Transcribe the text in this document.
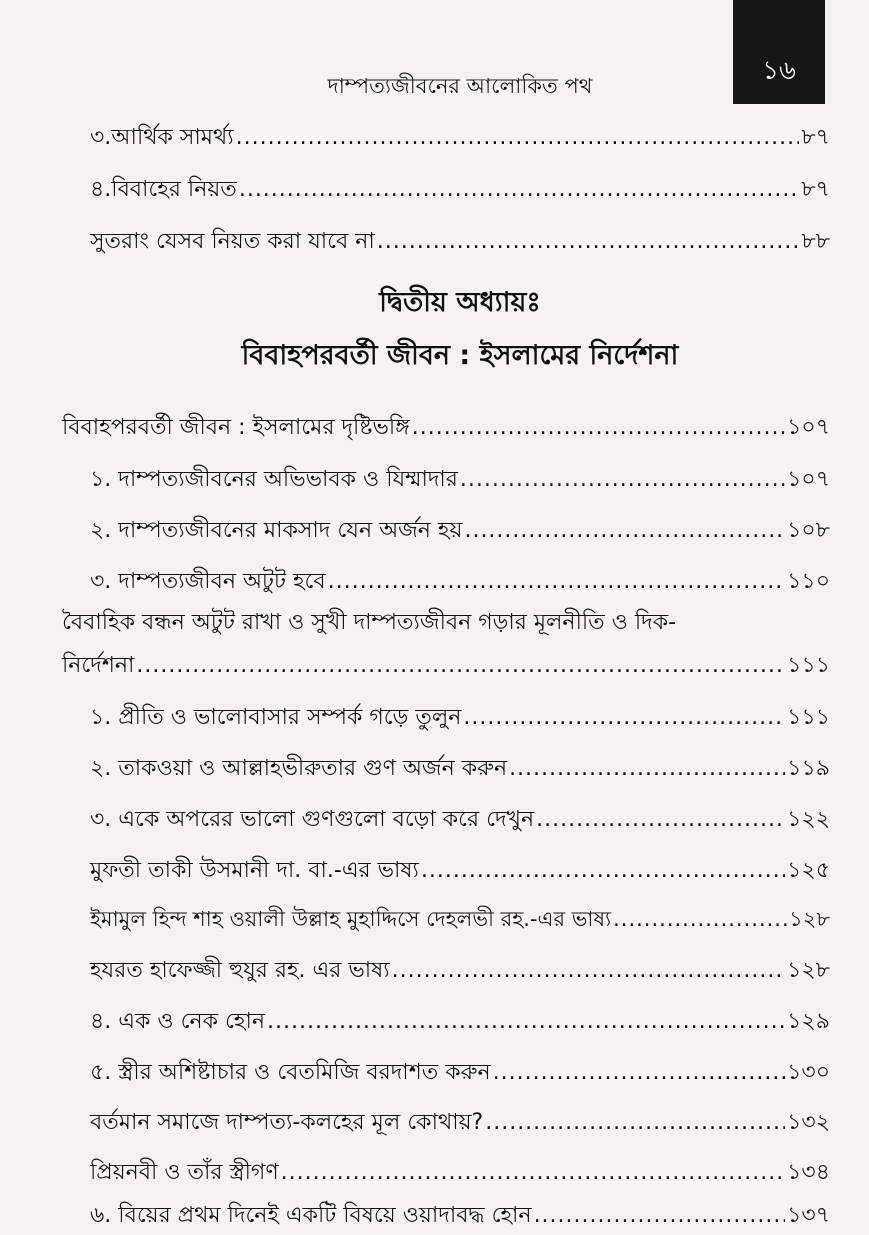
১৬
দাম্পত্যজীবনের আলোকিত পথ
৩.আর্থিক সামর্থ্য .....	৮৭
৪.বিবাহের নিয়ত .....	৮৭
সুতরাং যেসব নিয়ত করা যাবে না .....	৮৮
দ্বিতীয় অধ্যায়ঃ
বিবাহপরবর্তী জীবন : ইসলামের নির্দেশনা
বিবাহপরবর্তী জীবন : ইসলামের দৃষ্টিভঙ্গি .....	১০৭
১. দাম্পত্যজীবনের অভিভাবক ও যিম্মাদার .....	১০৭
২. দাম্পত্যজীবনের মাকসাদ যেন অর্জন হয় .....	১০৮
৩. দাম্পত্যজীবন অটুট হবে .....	১১০
বৈবাহিক বন্ধন অটুট রাখা ও সুখী দাম্পত্যজীবন গড়ার মূলনীতি ও দিক-
নির্দেশনা .....	১১১
১. প্রীতি ও ভালোবাসার সম্পর্ক গড়ে তুলুন .....	১১১
২. তাকওয়া ও আল্লাহভীরুতার গুণ অর্জন করুন .....	১১৯
৩. একে অপরের ভালো গুণগুলো বড়ো করে দেখুন .....	১২২
মুফতী তাকী উসমানী দা. বা.-এর ভাষ্য .....	১২৫
ইমামুল হিন্দ শাহ ওয়ালী উল্লাহ মুহাদ্দিসে দেহলভী রহ.-এর ভাষ্য .....	১২৮
হযরত হাফেজ্জী হুযুর রহ. এর ভাষ্য .....	১২৮
৪. এক ও নেক হোন .....	১২৯
৫. স্ত্রীর অশিষ্টাচার ও বেতমিজি বরদাশত করুন .....	১৩০
বর্তমান সমাজে দাম্পত্য-কলহের মূল কোথায়? .....	১৩২
প্রিয়নবী ও তাঁর স্ত্রীগণ .....	১৩৪
৬. বিয়ের প্রথম দিনেই একটি বিষয়ে ওয়াদাবদ্ধ হোন .....	১৩৭
